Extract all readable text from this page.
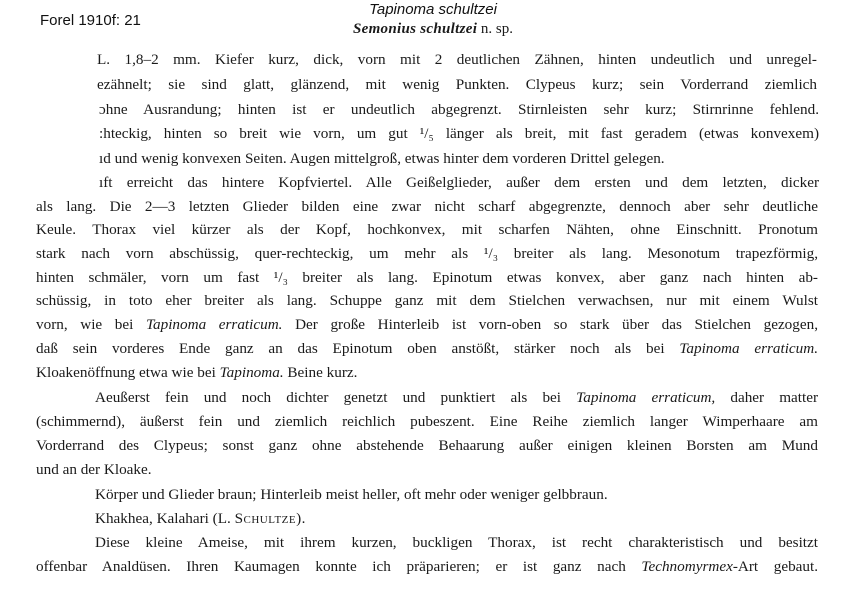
Forel 1910f: 21
Tapinoma schultzei
Semonius schultzei n. sp.
L. 1,8–2 mm. Kiefer kurz, dick, vorn mit 2 deutlichen Zähnen, hinten undeutlich und unregel-
ezähnelt; sie sind glatt, glänzend, mit wenig Punkten. Clypeus kurz; sein Vorderrand ziemlich
ɔhne Ausrandung; hinten ist er undeutlich abgegrenzt. Stirnleisten sehr kurz; Stirnrinne fehlend.
:hteckig, hinten so breit wie vorn, um gut ¹/₅ länger als breit, mit fast geradem (etwas konvexem)
ıd und wenig konvexen Seiten. Augen mittelgroß, etwas hinter dem vorderen Drittel gelegen.
ıft erreicht das hintere Kopfviertel. Alle Geißelglieder, außer dem ersten und dem letzten, dicker
als lang. Die 2—3 letzten Glieder bilden eine zwar nicht scharf abgegrenzte, dennoch aber sehr deutliche
Keule. Thorax viel kürzer als der Kopf, hochkonvex, mit scharfen Nähten, ohne Einschnitt. Pronotum
stark nach vorn abschüssig, quer-rechteckig, um mehr als ¹/₃ breiter als lang. Mesonotum trapezförmig,
hinten schmäler, vorn um fast ¹/₃ breiter als lang. Epinotum etwas konvex, aber ganz nach hinten ab-
schüssig, in toto eher breiter als lang. Schuppe ganz mit dem Stielchen verwachsen, nur mit einem Wulst
vorn, wie bei Tapinoma erraticum. Der große Hinterleib ist vorn-oben so stark über das Stielchen gezogen,
daß sein vorderes Ende ganz an das Epinotum oben anstößt, stärker noch als bei Tapinoma erraticum.
Kloakenöffnung etwa wie bei Tapinoma. Beine kurz.
Aeußerst fein und noch dichter genetzt und punktiert als bei Tapinoma erraticum, daher matter
(schimmernd), äußerst fein und ziemlich reichlich pubeszent. Eine Reihe ziemlich langer Wimperhaare am
Vorderrand des Clypeus; sonst ganz ohne abstehende Behaarung außer einigen kleinen Borsten am Mund
und an der Kloake.
Körper und Glieder braun; Hinterleib meist heller, oft mehr oder weniger gelbbraun.
Khakhea, Kalahari (L. Schultze).
Diese kleine Ameise, mit ihrem kurzen, buckligen Thorax, ist recht charakteristisch und besitzt
offenbar Analdüsen. Ihren Kaumagen konnte ich präparieren; er ist ganz nach Technomyrmex-Art gebaut.
